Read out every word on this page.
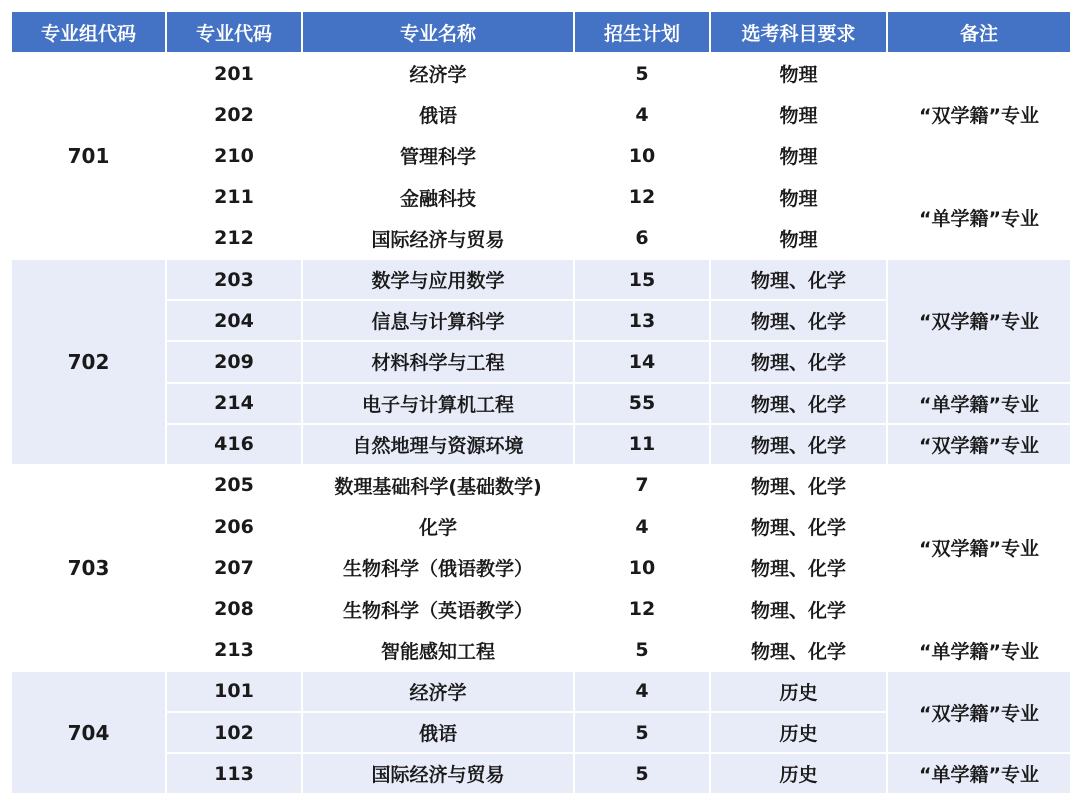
专业组代码	专业代码	专业名称	招生计划	选考科目要求	备注
701	201	经济学	5	物理	“双学籍”专业
	202	俄语	4	物理	
	210	管理科学	10	物理	
	211	金融科技	12	物理	“单学籍”专业
	212	国际经济与贸易	6	物理	
702	203	数学与应用数学	15	物理、化学	“双学籍”专业
	204	信息与计算科学	13	物理、化学	
	209	材料科学与工程	14	物理、化学	
	214	电子与计算机工程	55	物理、化学	“单学籍”专业
	416	自然地理与资源环境	11	物理、化学	“双学籍”专业
703	205	数理基础科学(基础数学)	7	物理、化学	“双学籍”专业
	206	化学	4	物理、化学	
	207	生物科学（俄语教学）	10	物理、化学	
	208	生物科学（英语教学）	12	物理、化学	
	213	智能感知工程	5	物理、化学	“单学籍”专业
704	101	经济学	4	历史	“双学籍”专业
	102	俄语	5	历史	
	113	国际经济与贸易	5	历史	“单学籍”专业
